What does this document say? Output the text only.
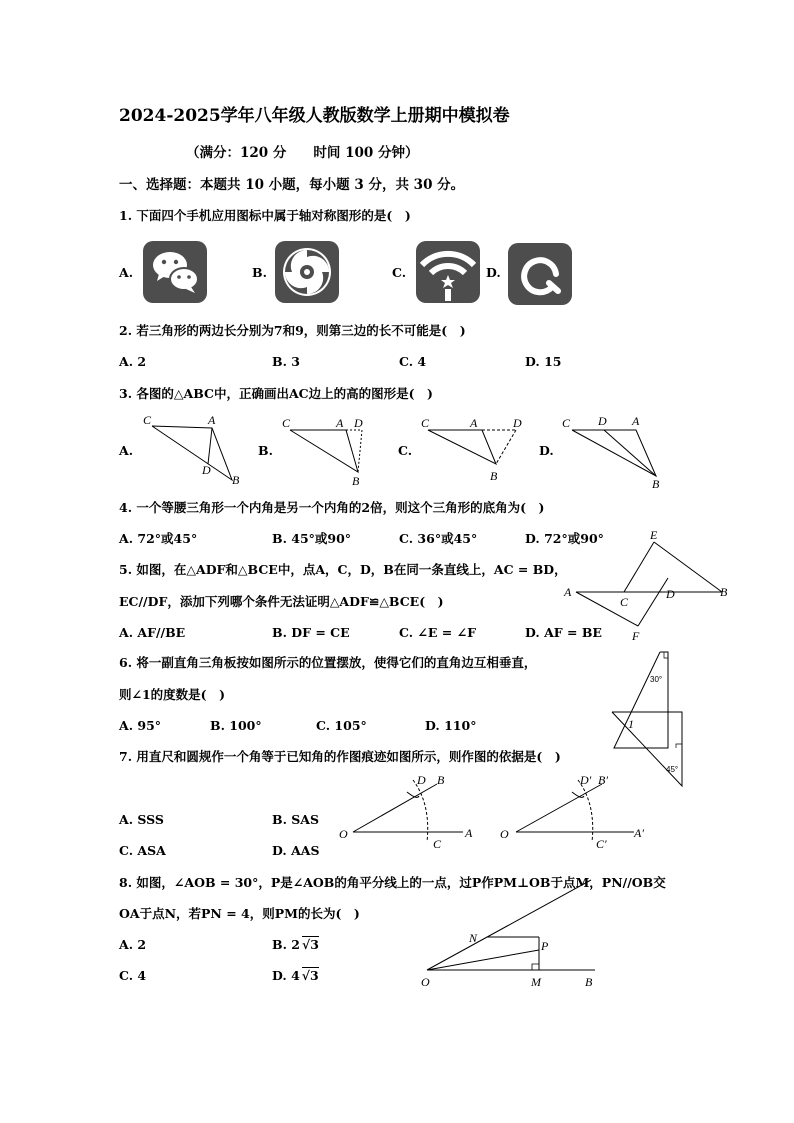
2024-2025学年八年级人教版数学上册期中模拟卷
（满分：120 分　　时间 100 分钟）
一、选择题：本题共 10 小题，每小题 3 分，共 30 分。
1. 下面四个手机应用图标中属于轴对称图形的是(　)
A.	B.	C.	D.
2. 若三角形的两边长分别为7和9，则第三边的长不可能是(　)
A. 2	B. 3	C. 4	D. 15
3. 各图的△ABC中，正确画出AC边上的高的图形是(　)
A.	B.	C.	D.
C	A
D
B
C	A D
B
C	A	D
B
C D A
B
4. 一个等腰三角形一个内角是另一个内角的2倍，则这个三角形的底角为(　)
A. 72°或45°	B. 45°或90°	C. 36°或45°	D. 72°或90°
5. 如图，在△ADF和△BCE中，点A，C，D，B在同一条直线上，AC = BD，
EC//DF，添加下列哪个条件无法证明△ADF≌△BCE(　)
A. AF//BE	B. DF = CE	C. ∠E = ∠F	D. AF = BE
E
A
C
D	B
F
6. 将一副直角三角板按如图所示的位置摆放，使得它们的直角边互相垂直，
则∠1的度数是(　)
A. 95°	B. 100°	C. 105°	D. 110°
30°
1
45°
7. 用直尺和圆规作一个角等于已知角的作图痕迹如图所示，则作图的依据是(　)
A. SSS	B. SAS
C. ASA	D. AAS
D B
O
C
A
D′ B′
O
C′
A′
8. 如图，∠AOB = 30°，P是∠AOB的角平分线上的一点，过P作PM⊥OB于点M，PN//OB交
OA于点N，若PN = 4，则PM的长为(　)
A. 2	B. 2 √3
C. 4	D. 4 √3
N
P
O	M	B
